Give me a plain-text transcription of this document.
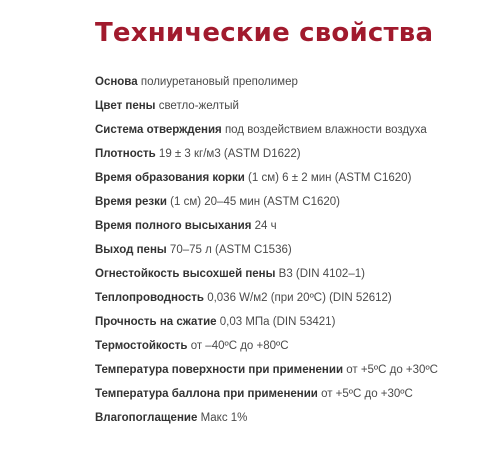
Технические свойства
Основа полиуретановый преполимер
Цвет пены светло-желтый
Система отверждения под воздействием влажности воздуха
Плотность 19 ± 3 кг/м3 (ASTM D1622)
Время образования корки (1 см) 6 ± 2 мин (ASTM C1620)
Время резки (1 см) 20–45 мин (ASTM C1620)
Время полного высыхания 24 ч
Выход пены 70–75 л (ASTM C1536)
Огнестойкость высохшей пены B3 (DIN 4102–1)
Теплопроводность 0,036 W/м2 (при 20ºC) (DIN 52612)
Прочность на сжатие 0,03 МПа (DIN 53421)
Термостойкость от –40ºC до +80ºC
Температура поверхности при применении от +5ºC до +30ºC
Температура баллона при применении от +5ºC до +30ºC
Влагопоглащение Макс 1%
